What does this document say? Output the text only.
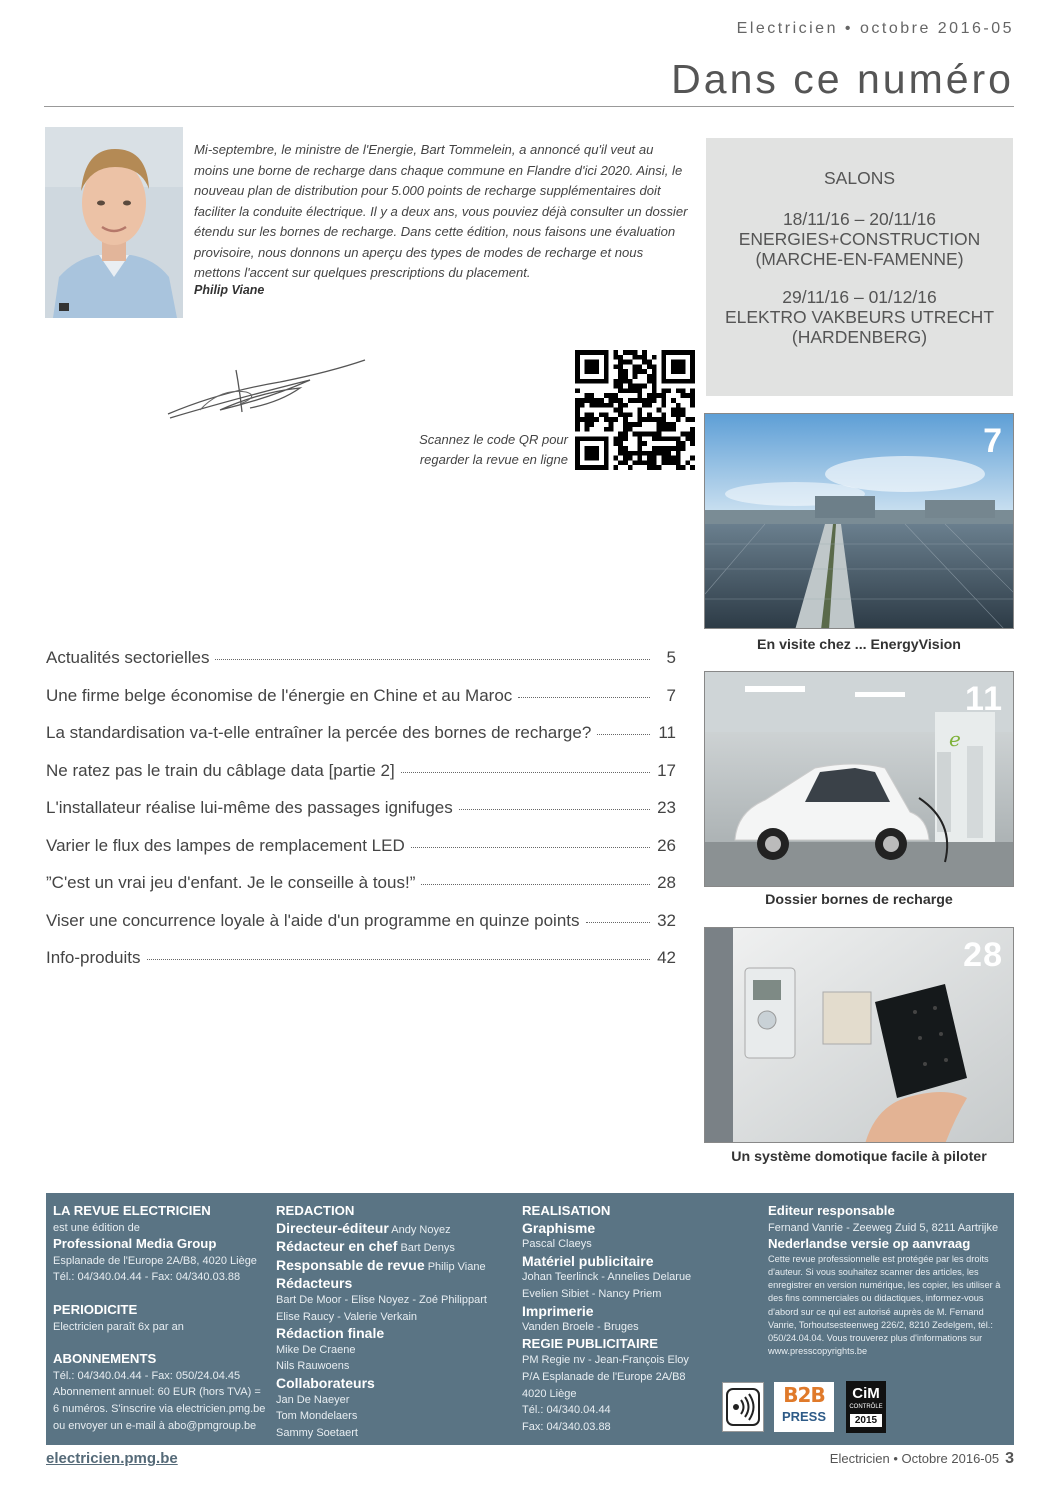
Electricien • octobre 2016-05
Dans ce numéro

Mi-septembre, le ministre de l'Energie, Bart Tommelein, a annoncé qu'il veut au moins une borne de recharge dans chaque commune en Flandre d'ici 2020. Ainsi, le nouveau plan de distribution pour 5.000 points de recharge supplémentaires doit faciliter la conduite électrique. Il y a deux ans, vous pouviez déjà consulter un dossier étendu sur les bornes de recharge. Dans cette édition, nous faisons une évaluation provisoire, nous donnons un aperçu des types de modes de recharge et nous mettons l'accent sur quelques prescriptions du placement.

Philip Viane
Scannez le code QR pour
regarder la revue en ligne
SALONS
18/11/16 – 20/11/16
ENERGIES+CONSTRUCTION
(MARCHE-EN-FAMENNE)
29/11/16 – 01/12/16
ELEKTRO VAKBEURS UTRECHT
(HARDENBERG)
7
En visite chez ... EnergyVision
e
11
Dossier bornes de recharge
28
Un système domotique facile à piloter
Actualités sectorielles	5
Une firme belge économise de l'énergie en Chine et au Maroc	7
La standardisation va-t-elle entraîner la percée des bornes de recharge?	11
Ne ratez pas le train du câblage data [partie 2]	17
L'installateur réalise lui-même des passages ignifuges	23
Varier le flux des lampes de remplacement LED	26
”C'est un vrai jeu d'enfant. Je le conseille à tous!”	28
Viser une concurrence loyale à l'aide d'un programme en quinze points	32
Info-produits	42
LA REVUE ELECTRICIEN
est une édition de
Professional Media Group
Esplanade de l'Europe 2A/B8, 4020 Liège
Tél.: 04/340.04.44 - Fax: 04/340.03.88
PERIODICITE
Electricien paraît 6x par an
ABONNEMENTS
Tél.: 04/340.04.44 - Fax: 050/24.04.45
Abonnement annuel: 60 EUR (hors TVA) =
6 numéros. S'inscrire via electricien.pmg.be
ou envoyer un e-mail à abo@pmgroup.be
REDACTION
Directeur-éditeur Andy Noyez
Rédacteur en chef Bart Denys
Responsable de revue Philip Viane
Rédacteurs
Bart De Moor - Elise Noyez - Zoé Philippart
Elise Raucy - Valerie Verkain
Rédaction finale
Mike De Craene
Nils Rauwoens
Collaborateurs
Jan De Naeyer
Tom Mondelaers
Sammy Soetaert
REALISATION
Graphisme
Pascal Claeys
Matériel publicitaire
Johan Teerlinck - Annelies Delarue
Evelien Sibiet - Nancy Priem
Imprimerie
Vanden Broele - Bruges
REGIE PUBLICITAIRE
PM Regie nv - Jean-François Eloy
P/A Esplanade de l'Europe 2A/B8
4020 Liège
Tél.: 04/340.04.44
Fax: 04/340.03.88
Editeur responsable
Fernand Vanrie - Zeeweg Zuid 5, 8211 Aartrijke
Nederlandse versie op aanvraag
Cette revue professionnelle est protégée par les droits d'auteur. Si vous souhaitez scanner des articles, les enregistrer en version numérique, les copier, les utiliser à des fins commerciales ou didactiques, informez-vous d'abord sur ce qui est autorisé auprès de M. Fernand Vanrie, Torhoutsesteenweg 226/2, 8210 Zedelgem, tél.: 050/24.04.04. Vous trouverez plus d'informations sur www.presscopyrights.be
B2B
PRESS
CiM
CONTRÔLE
2015
electricien.pmg.be	Electricien • Octobre 2016-05 3
